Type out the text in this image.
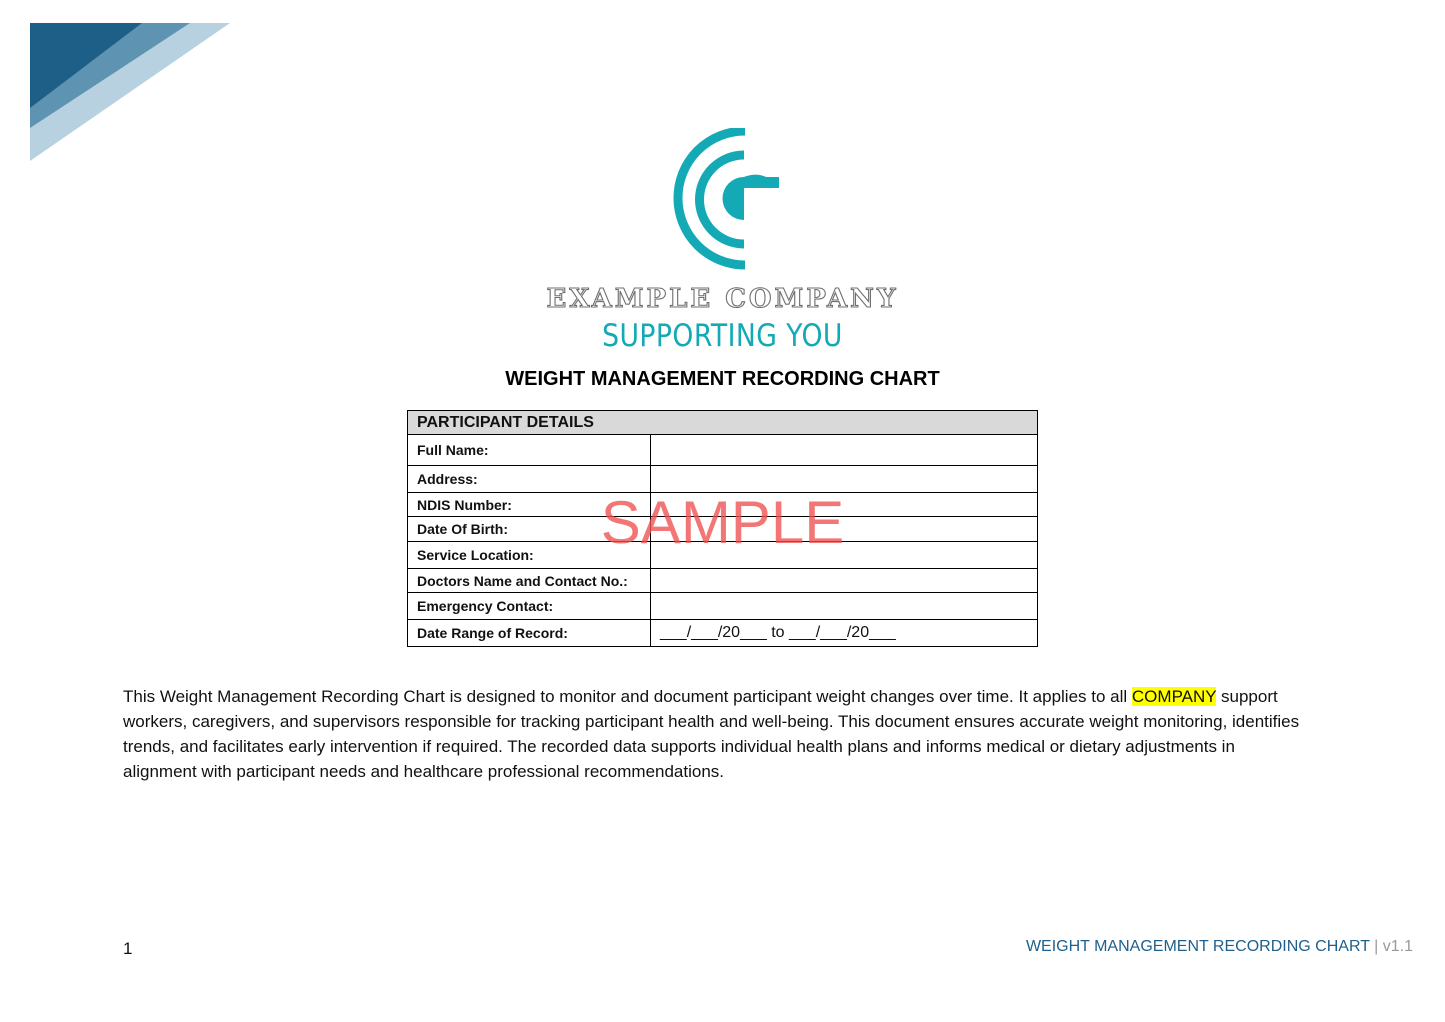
EXAMPLE COMPANY
SUPPORTING YOU
WEIGHT MANAGEMENT RECORDING CHART
PARTICIPANT DETAILS	
Full Name:	
Address:	
NDIS Number:	
Date Of Birth:	
Service Location:	
Doctors Name and Contact No.:	
Emergency Contact:	
Date Range of Record:	___/___/20___ to ___/___/20___
SAMPLE

This Weight Management Recording Chart is designed to monitor and document participant weight changes over time. It applies to all COMPANY support workers, caregivers, and supervisors responsible for tracking participant health and well-being. This document ensures accurate weight monitoring, identifies trends, and facilitates early intervention if required. The recorded data supports individual health plans and informs medical or dietary adjustments in alignment with participant needs and healthcare professional recommendations.

1	WEIGHT MANAGEMENT RECORDING CHART | v1.1
